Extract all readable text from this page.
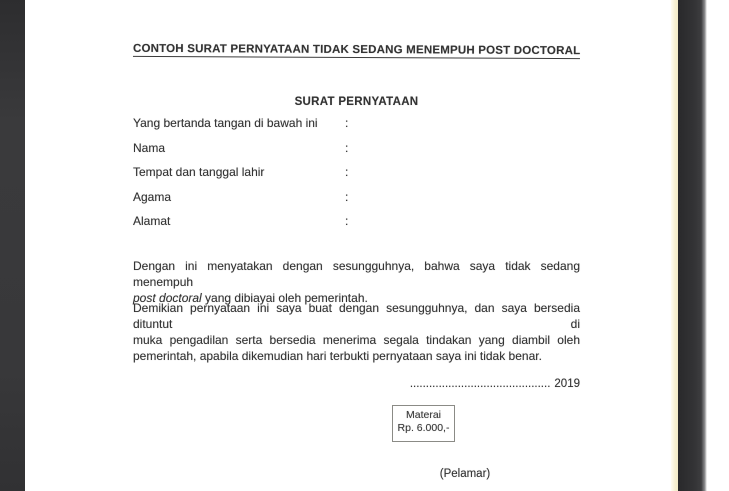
CONTOH SURAT PERNYATAAN TIDAK SEDANG MENEMPUH POST DOCTORAL
SURAT PERNYATAAN
Yang bertanda tangan di bawah ini :
Nama	:
Tempat dan tanggal lahir	:
Agama	:
Alamat	:
Dengan ini menyatakan dengan sesungguhnya, bahwa saya tidak sedang menempuh
post doctoral yang dibiayai oleh pemerintah.
Demikian pernyataan ini saya buat dengan sesungguhnya, dan saya bersedia dituntut di
muka pengadilan serta bersedia menerima segala tindakan yang diambil oleh
pemerintah, apabila dikemudian hari terbukti pernyataan saya ini tidak benar.
............................................ 2019
Materai
Rp. 6.000,-
(Pelamar)
